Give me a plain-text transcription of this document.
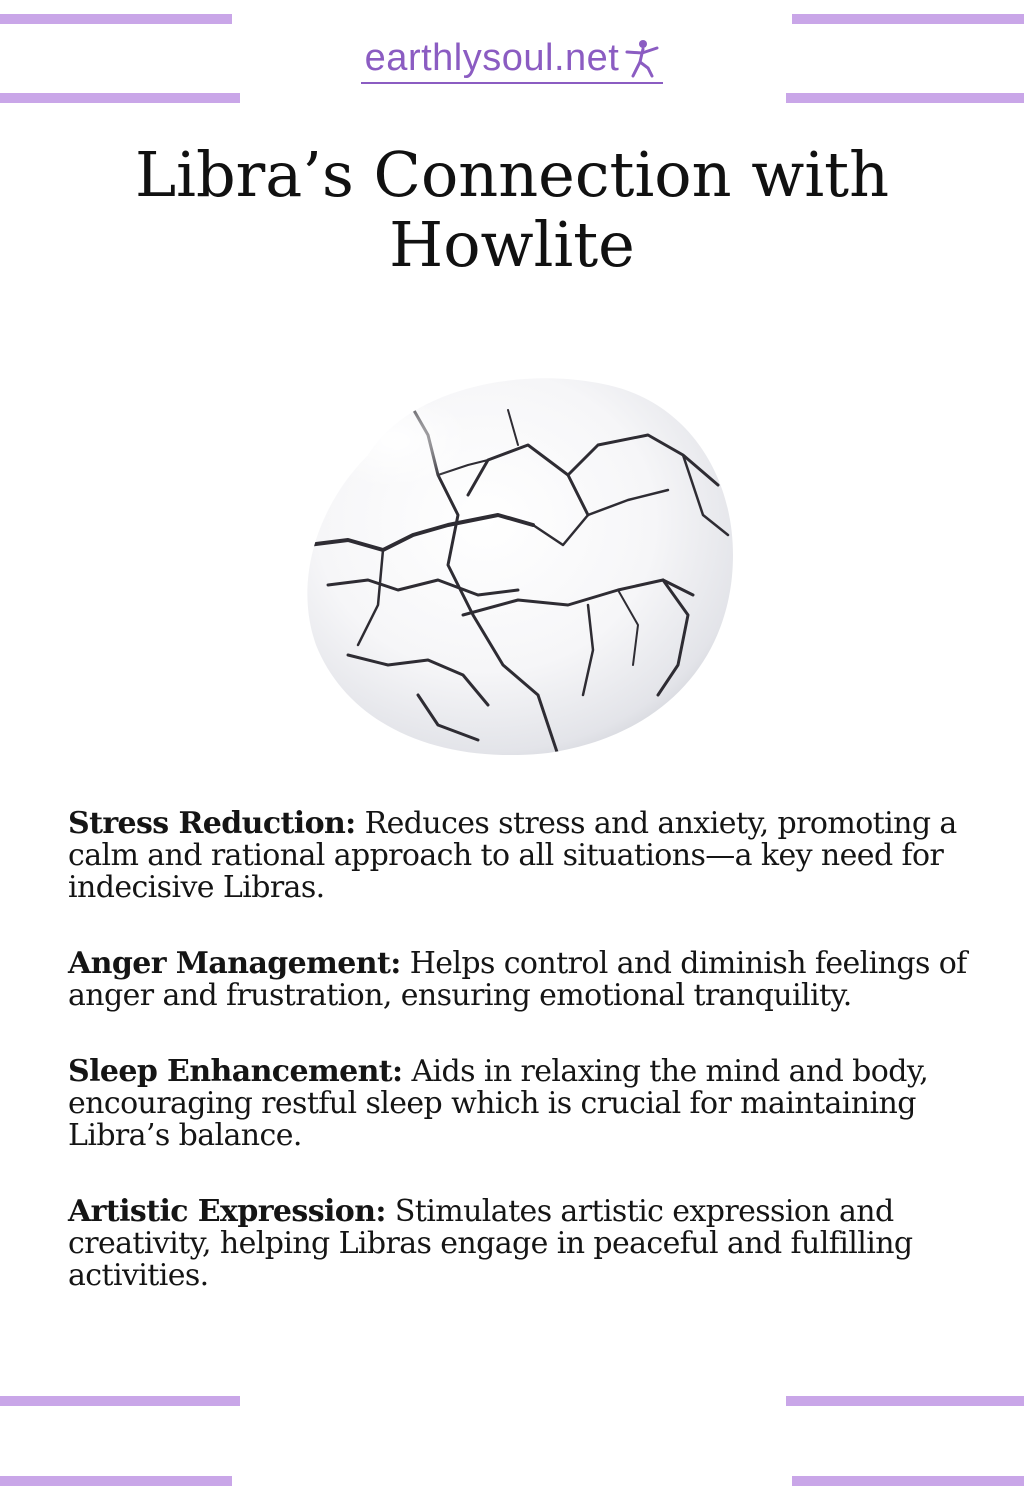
earthlysoul.net
Libra’s Connection with Howlite

Stress Reduction: Reduces stress and anxiety, promoting a calm and rational approach to all situations—a key need for indecisive Libras.

Anger Management: Helps control and diminish feelings of anger and frustration, ensuring emotional tranquility.

Sleep Enhancement: Aids in relaxing the mind and body, encouraging restful sleep which is crucial for maintaining Libra’s balance.

Artistic Expression: Stimulates artistic expression and creativity, helping Libras engage in peaceful and fulfilling activities.
